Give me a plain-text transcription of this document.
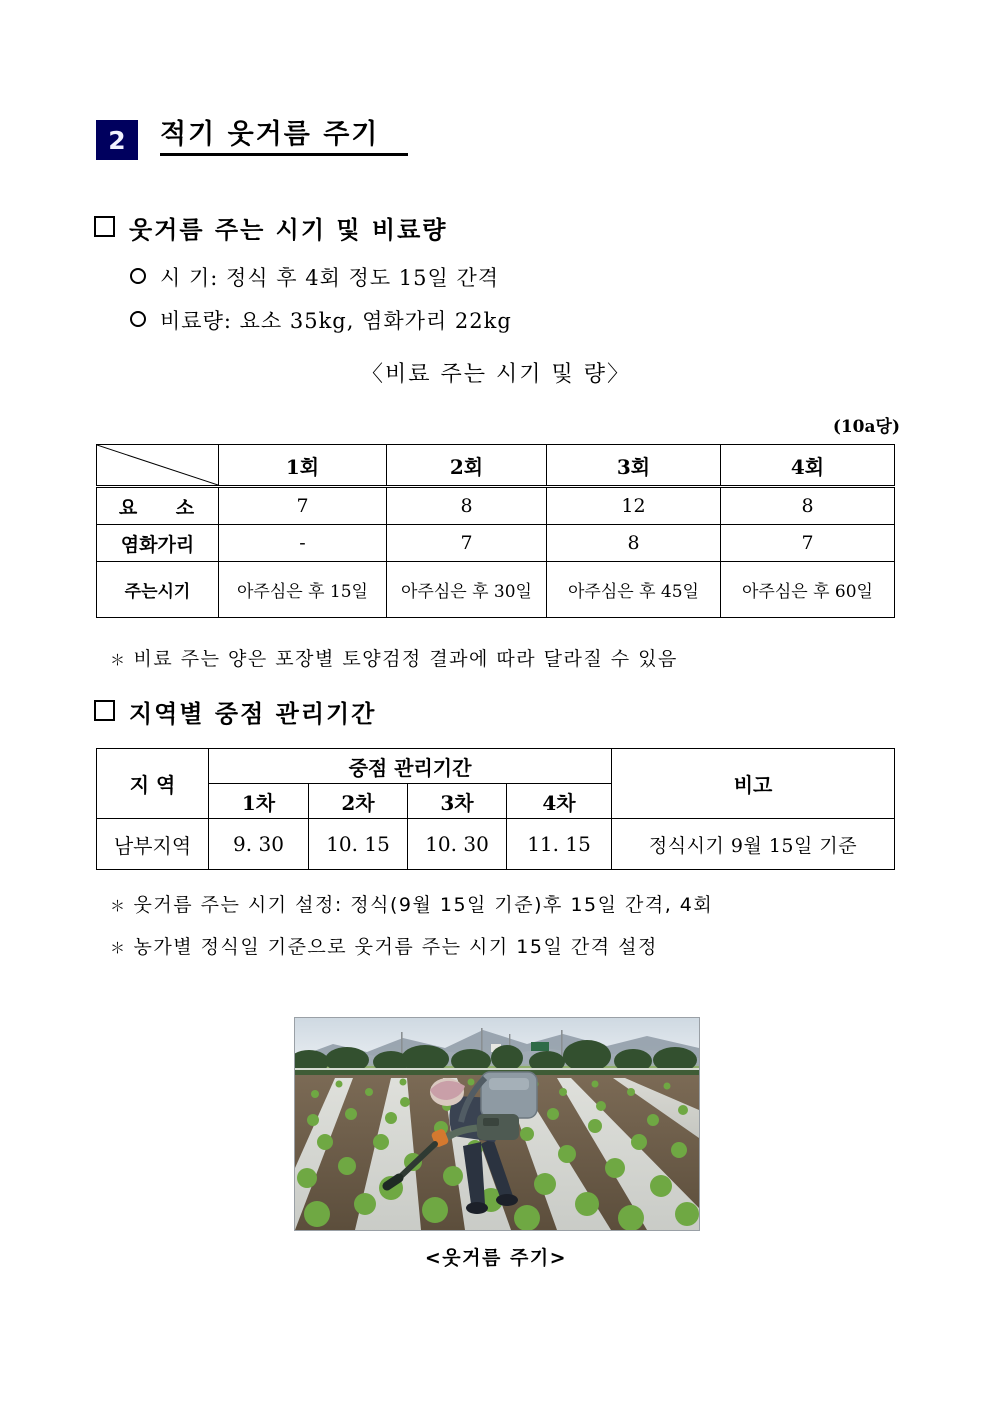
2	적기 웃거름 주기
웃거름 주는 시기 및 비료량
시 기: 정식 후 4회 정도 15일 간격
비료량: 요소 35kg, 염화가리 22kg
〈비료 주는 시기 및 량〉
(10a당)
	1회	2회	3회	4회
요 소	7	8	12	8
염화가리	-	7	8	7
주는시기	아주심은 후 15일	아주심은 후 30일	아주심은 후 45일	아주심은 후 60일
＊ 비료 주는 양은 포장별 토양검정 결과에 따라 달라질 수 있음
지역별 중점 관리기간
지 역	중점 관리기간				비고
	1차	2차	3차	4차	
남부지역	9. 30	10. 15	10. 30	11. 15	정식시기 9월 15일 기준
＊ 웃거름 주는 시기 설정: 정식(9월 15일 기준)후 15일 간격, 4회
＊ 농가별 정식일 기준으로 웃거름 주는 시기 15일 간격 설정
<웃거름 주기>
